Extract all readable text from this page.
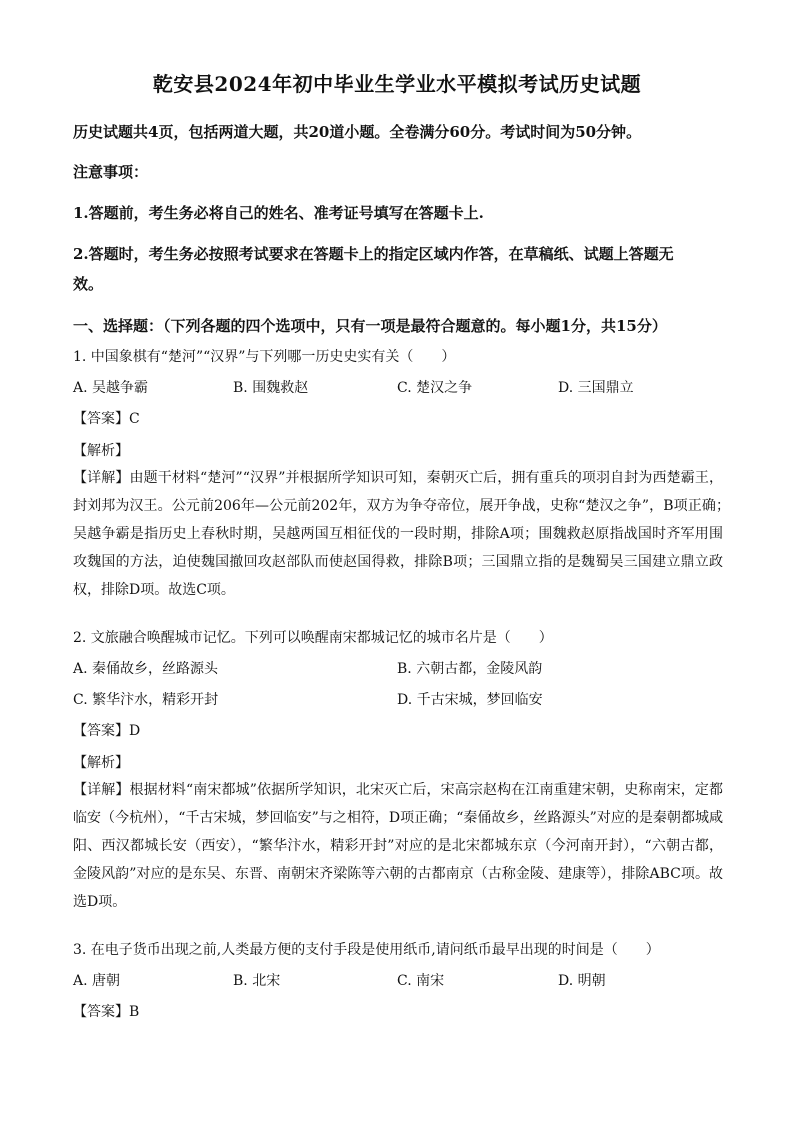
乾安县2024年初中毕业生学业水平模拟考试历史试题
历史试题共4页，包括两道大题，共20道小题。全卷满分60分。考试时间为50分钟。
注意事项：
1.答题前，考生务必将自己的姓名、准考证号填写在答题卡上.
2.答题时，考生务必按照考试要求在答题卡上的指定区域内作答，在草稿纸、试题上答题无
效。
一、选择题：（下列各题的四个选项中，只有一项是最符合题意的。每小题1分，共15分）
1. 中国象棋有“楚河”“汉界”与下列哪一历史史实有关（　　）
A. 吴越争霸	B. 围魏救赵	C. 楚汉之争	D. 三国鼎立
【答案】C
【解析】
【详解】由题干材料“楚河”“汉界”并根据所学知识可知，秦朝灭亡后，拥有重兵的项羽自封为西楚霸王，封刘邦为汉王。公元前206年—公元前202年，双方为争夺帝位，展开争战，史称“楚汉之争”，B项正确；　　吴越争霸是指历史上春秋时期，吴越两国互相征伐的一段时期，排除A项；围魏救赵原指战国时齐军用围攻魏国的方法，迫使魏国撤回攻赵部队而使赵国得救，排除B项；三国鼎立指的是魏蜀吴三国建立鼎立政权，排除D项。故选C项。
2. 文旅融合唤醒城市记忆。下列可以唤醒南宋都城记忆的城市名片是（　　）
A. 秦俑故乡，丝路源头	B. 六朝古都，金陵风韵
C. 繁华汴水，精彩开封	D. 千古宋城，梦回临安
【答案】D
【解析】
【详解】根据材料“南宋都城”依据所学知识，北宋灭亡后，宋高宗赵构在江南重建宋朝，史称南宋，定都临安（今杭州），“千古宋城，梦回临安”与之相符，D项正确；“秦俑故乡，丝路源头”对应的是秦朝都城咸阳、西汉都城长安（西安），“繁华汴水，精彩开封”对应的是北宋都城东京（今河南开封），“六朝古都，金陵风韵”对应的是东吴、东晋、南朝宋齐梁陈等六朝的古都南京（古称金陵、建康等），排除ABC项。故选D项。
3. 在电子货币出现之前,人类最方便的支付手段是使用纸币,请问纸币最早出现的时间是（　　）
A. 唐朝	B. 北宋	C. 南宋	D. 明朝
【答案】B
